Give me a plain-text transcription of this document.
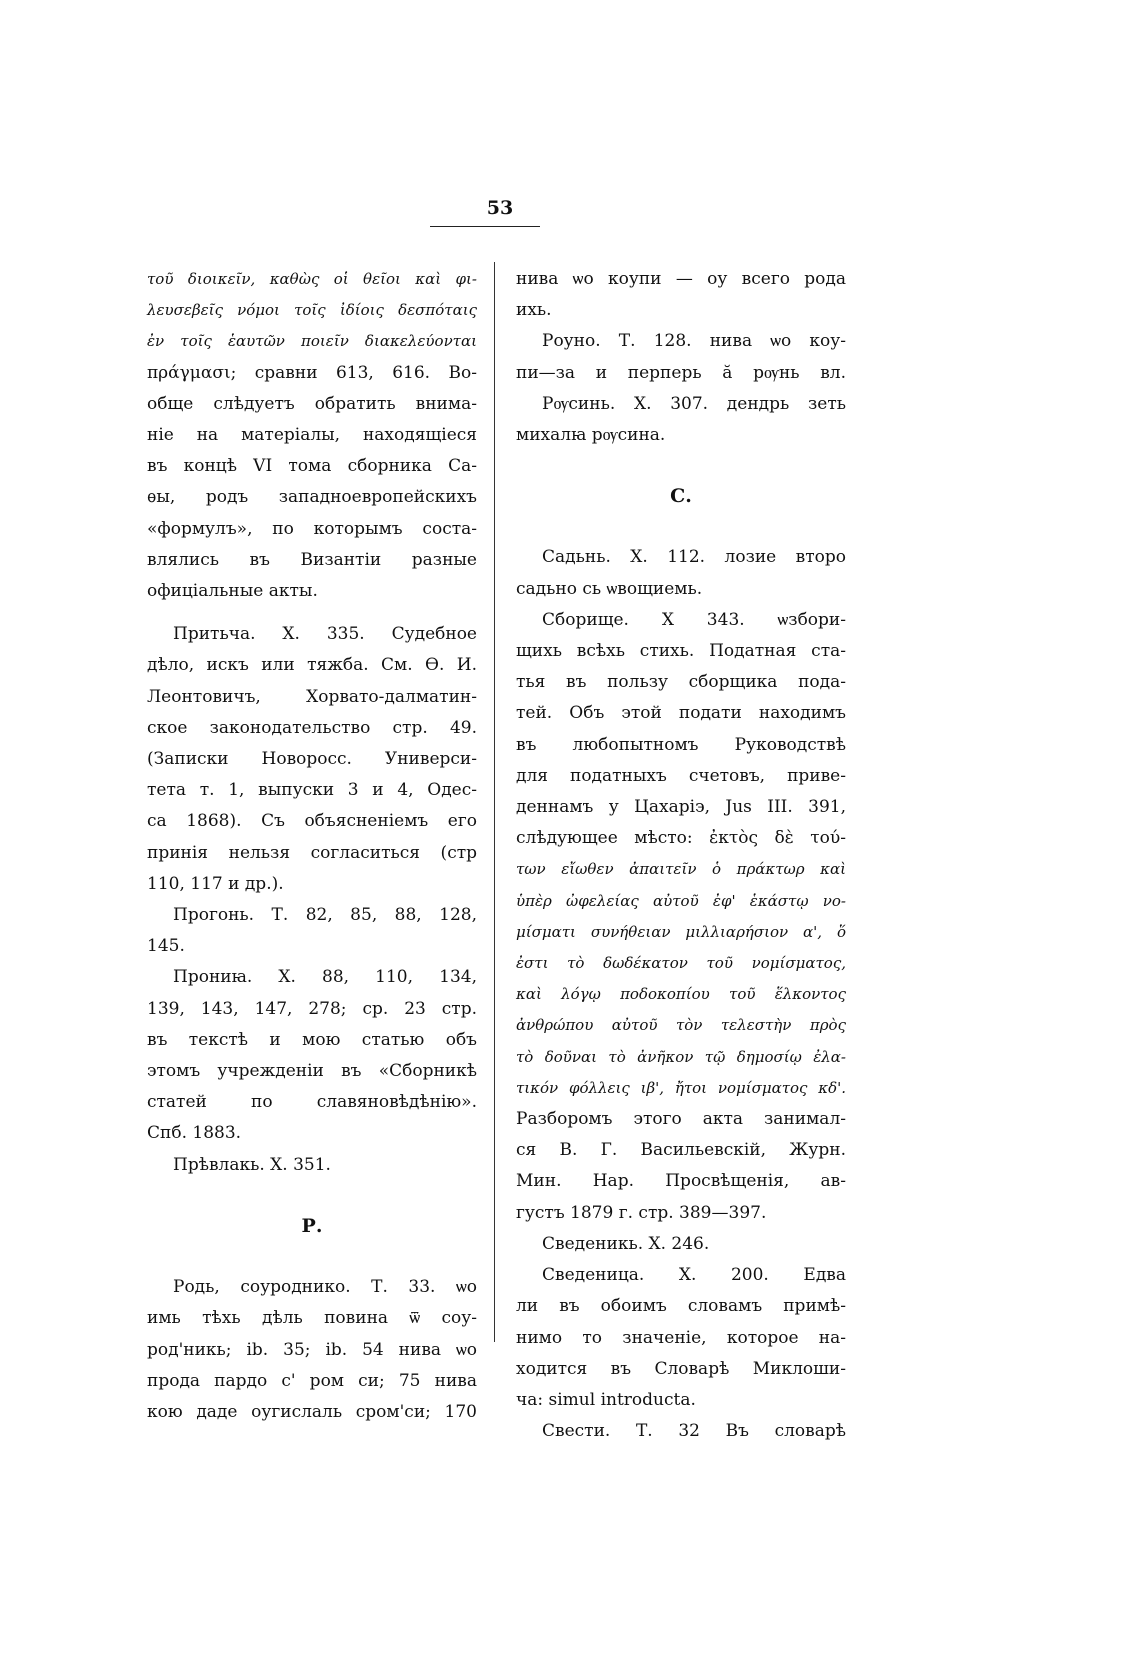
53
τοῦ διοικεῖν, καθὼς οἱ θεῖοι καὶ φι-
λευσεβεῖς νόμοι τοῖς ἰδίοις δεσπόταις
ἐν τοῖς ἑαυτῶν ποιεῖν διακελεύονται
πράγμασι; сравни 613, 616. Во-
обще слѣдуетъ обратить внима-
ніе на матеріалы, находящіеся
въ концѣ VI тома сборника Са-
ѳы, родъ западноевропейскихъ
«формулъ», по которымъ соста-
влялись въ Византіи разные
офиціальные акты.
Притьча. Х. 335. Судебное
дѣло, искъ или тяжба. См. Ѳ. И.
Леонтовичъ, Хорвато-далматин-
ское законодательство стр. 49.
(Записки Новоросс. Универси-
тета т. 1, выпуски 3 и 4, Одес-
са 1868). Съ объясненіемъ его
принія нельзя согласиться (стр
110, 117 и др.).
Прогонь. Т. 82, 85, 88, 128,
145.
Прониꙗ. Х. 88, 110, 134,
139, 143, 147, 278; ср. 23 стр.
въ текстѣ и мою статью объ
этомъ учрежденіи въ «Сборникѣ
статей по славяновѣдѣнію».
Спб. 1883.
Прѣвлакь. Х. 351.
Р.
Родь, соуроднико. Т. 33. ѡо
имь тѣхь дѣль повина ѿ соу-
род'никь; ib. 35; ib. 54 нива ѡо
прода пардо с' ром си; 75 нива
кою даде оугислаль сром'си; 170
нива ѡо коупи — оу всего рода
ихь.
Роуно. Т. 128. нива ѡо коу-
пи—за и перперь ӑ рѹнь вл.
Рѹсинь. Х. 307. дендрь зеть
михалꙗ рѹсина.
С.
Садьнь. Х. 112. лозие второ
садьно сь ѡвощиемь.
Сборище. Х 343. ѡзбори-
щихь всѣхь стихь. Податная ста-
тья въ пользу сборщика пода-
тей. Объ этой подати находимъ
въ любопытномъ Руководствѣ
для податныхъ счетовъ, приве-
деннамъ у Цахаріэ, Jus III. 391,
слѣдующее мѣсто: ἐκτὸς δὲ τού-
των εἴωθεν ἀπαιτεῖν ὁ πράκτωρ καὶ
ὑπὲρ ὠφελείας αὐτοῦ ἐφ' ἑκάστῳ νο-
μίσματι συνήθειαν μιλλιαρήσιον α', ὅ
ἐστι τὸ δωδέκατον τοῦ νομίσματος,
καὶ λόγῳ ποδοκοπίου τοῦ ἕλκοντος
ἀνθρώπου αὐτοῦ τὸν τελεστὴν πρὸς
τὸ δοῦναι τὸ ἀνῆκον τῷ δημοσίῳ ἐλα-
τικόν φόλλεις ιβ', ἤτοι νομίσματος κδ'.
Разборомъ этого акта занимал-
ся В. Г. Васильевскій, Журн.
Мин. Нар. Просвѣщенія, ав-
густъ 1879 г. стр. 389—397.
Сведеникь. Х. 246.
Сведеница. Х. 200. Едва
ли въ обоимъ словамъ примѣ-
нимо то значеніе, которое на-
ходится въ Словарѣ Миклоши-
ча: simul introducta.
Свести. Т. 32 Въ словарѣ
